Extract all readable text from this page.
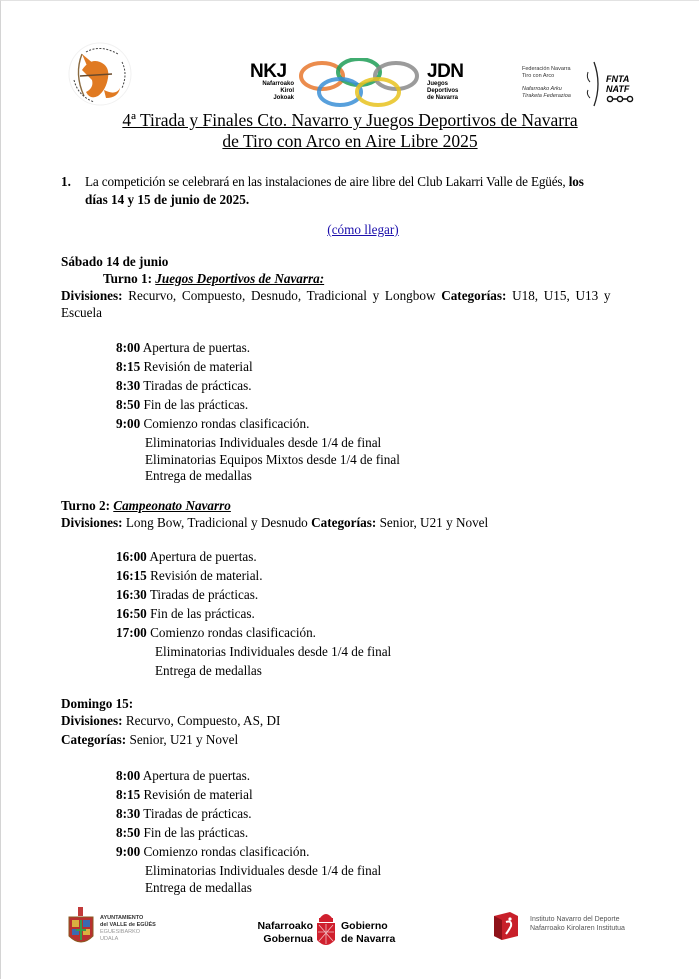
NKJ
Nafarroako
Kirol
Jokoak
JDN
Juegos
Deportivos
de Navarra
Federación Navarra
Tiro con Arco
Nafarroako Arku
Tiraketa Federazioa
FNTA
NATF
4ª Tirada y Finales Cto. Navarro y Juegos Deportivos de Navarra
de Tiro con Arco en Aire Libre 2025
1. La competición se celebrará en las instalaciones de aire libre del Club Lakarri Valle de Egüés, los
días 14 y 15 de junio de 2025.
(cómo llegar)
Sábado 14 de junio
Turno 1: Juegos Deportivos de Navarra:
Divisiones: Recurvo, Compuesto, Desnudo, Tradicional y Longbow Categorías: U18, U15, U13 y
Escuela
8:00 Apertura de puertas.
8:15 Revisión de material
8:30 Tiradas de prácticas.
8:50 Fin de las prácticas.
9:00 Comienzo rondas clasificación.
Eliminatorias Individuales desde 1/4 de final
Eliminatorias Equipos Mixtos desde 1/4 de final
Entrega de medallas
Turno 2: Campeonato Navarro
Divisiones: Long Bow, Tradicional y Desnudo Categorías: Senior, U21 y Novel
16:00 Apertura de puertas.
16:15 Revisión de material.
16:30 Tiradas de prácticas.
16:50 Fin de las prácticas.
17:00 Comienzo rondas clasificación.
Eliminatorias Individuales desde 1/4 de final
Entrega de medallas
Domingo 15:
Divisiones: Recurvo, Compuesto, AS, DI
Categorías: Senior, U21 y Novel
8:00 Apertura de puertas.
8:15 Revisión de material
8:30 Tiradas de prácticas.
8:50 Fin de las prácticas.
9:00 Comienzo rondas clasificación.
Eliminatorias Individuales desde 1/4 de final
Entrega de medallas
AYUNTAMIENTO
del VALLE de EGÜÉS
EGUESIBARKO
UDALA
Nafarroako
Gobernua
Gobierno
de Navarra
Instituto Navarro del Deporte
Nafarroako Kirolaren Institutua
